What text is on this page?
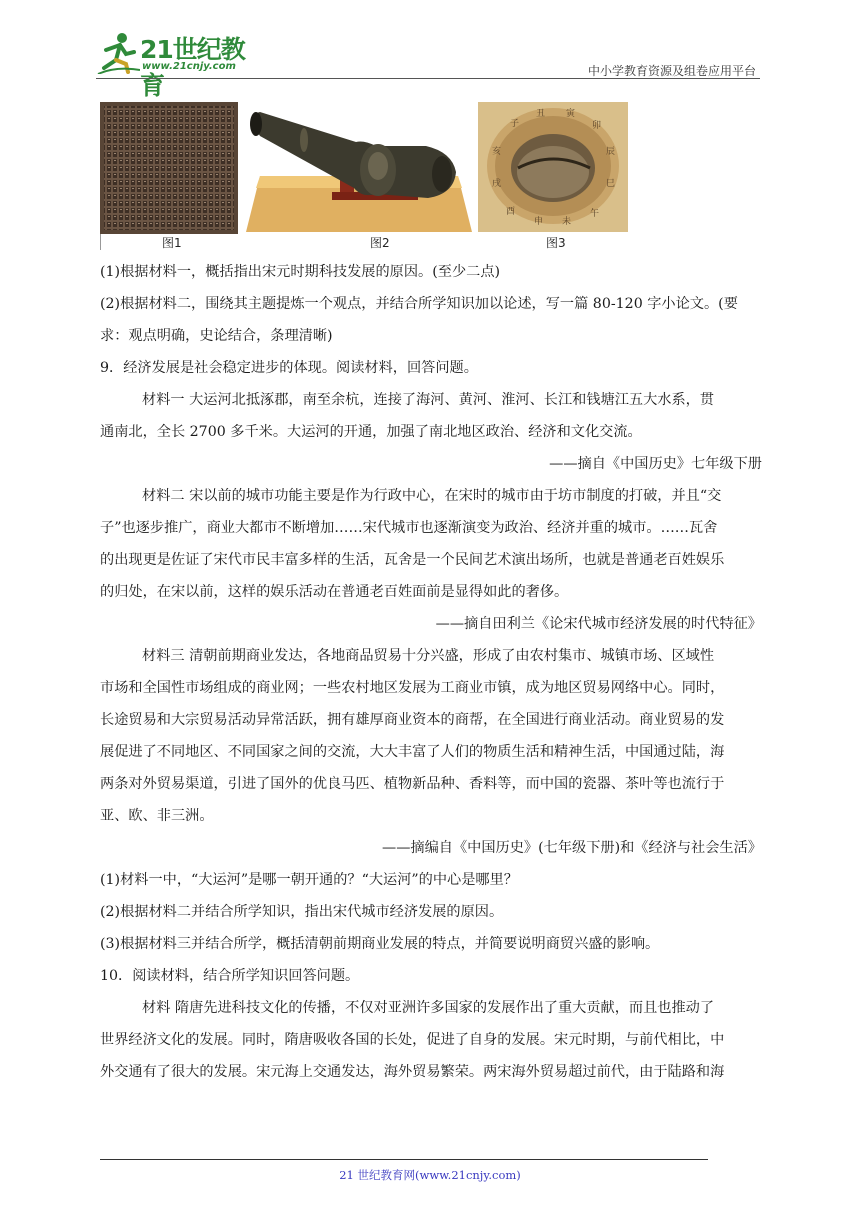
21世纪教育
www.21cnjy.com	中小学教育资源及组卷应用平台
图1	图2
子
丑 寅
卯
辰
巳
午
未
申
酉
戌
亥
图3
(1)根据材料一，概括指出宋元时期科技发展的原因。(至少二点)
(2)根据材料二，围绕其主题提炼一个观点，并结合所学知识加以论述，写一篇 80-120 字小论文。(要
求：观点明确，史论结合，条理清晰)
9．经济发展是社会稳定进步的体现。阅读材料，回答问题。
材料一 大运河北抵涿郡，南至余杭，连接了海河、黄河、淮河、长江和钱塘江五大水系，贯
通南北，全长 2700 多千米。大运河的开通，加强了南北地区政治、经济和文化交流。
——摘自《中国历史》七年级下册
材料二 宋以前的城市功能主要是作为行政中心，在宋时的城市由于坊市制度的打破，并且“交
子”也逐步推广，商业大都市不断增加……宋代城市也逐渐演变为政治、经济并重的城市。……瓦舍
的出现更是佐证了宋代市民丰富多样的生活，瓦舍是一个民间艺术演出场所，也就是普通老百姓娱乐
的归处，在宋以前，这样的娱乐活动在普通老百姓面前是显得如此的奢侈。
——摘自田利兰《论宋代城市经济发展的时代特征》
材料三 清朝前期商业发达，各地商品贸易十分兴盛，形成了由农村集市、城镇市场、区域性
市场和全国性市场组成的商业网；一些农村地区发展为工商业市镇，成为地区贸易网络中心。同时，
长途贸易和大宗贸易活动异常活跃，拥有雄厚商业资本的商帮，在全国进行商业活动。商业贸易的发
展促进了不同地区、不同国家之间的交流，大大丰富了人们的物质生活和精神生活，中国通过陆，海
两条对外贸易渠道，引进了国外的优良马匹、植物新品种、香料等，而中国的瓷器、茶叶等也流行于
亚、欧、非三洲。
——摘编自《中国历史》(七年级下册)和《经济与社会生活》
(1)材料一中，“大运河”是哪一朝开通的？“大运河”的中心是哪里？
(2)根据材料二并结合所学知识，指出宋代城市经济发展的原因。
(3)根据材料三并结合所学，概括清朝前期商业发展的特点，并简要说明商贸兴盛的影响。
10．阅读材料，结合所学知识回答问题。
材料 隋唐先进科技文化的传播，不仅对亚洲许多国家的发展作出了重大贡献，而且也推动了
世界经济文化的发展。同时，隋唐吸收各国的长处，促进了自身的发展。宋元时期，与前代相比，中
外交通有了很大的发展。宋元海上交通发达，海外贸易繁荣。两宋海外贸易超过前代，由于陆路和海
21 世纪教育网(www.21cnjy.com)
